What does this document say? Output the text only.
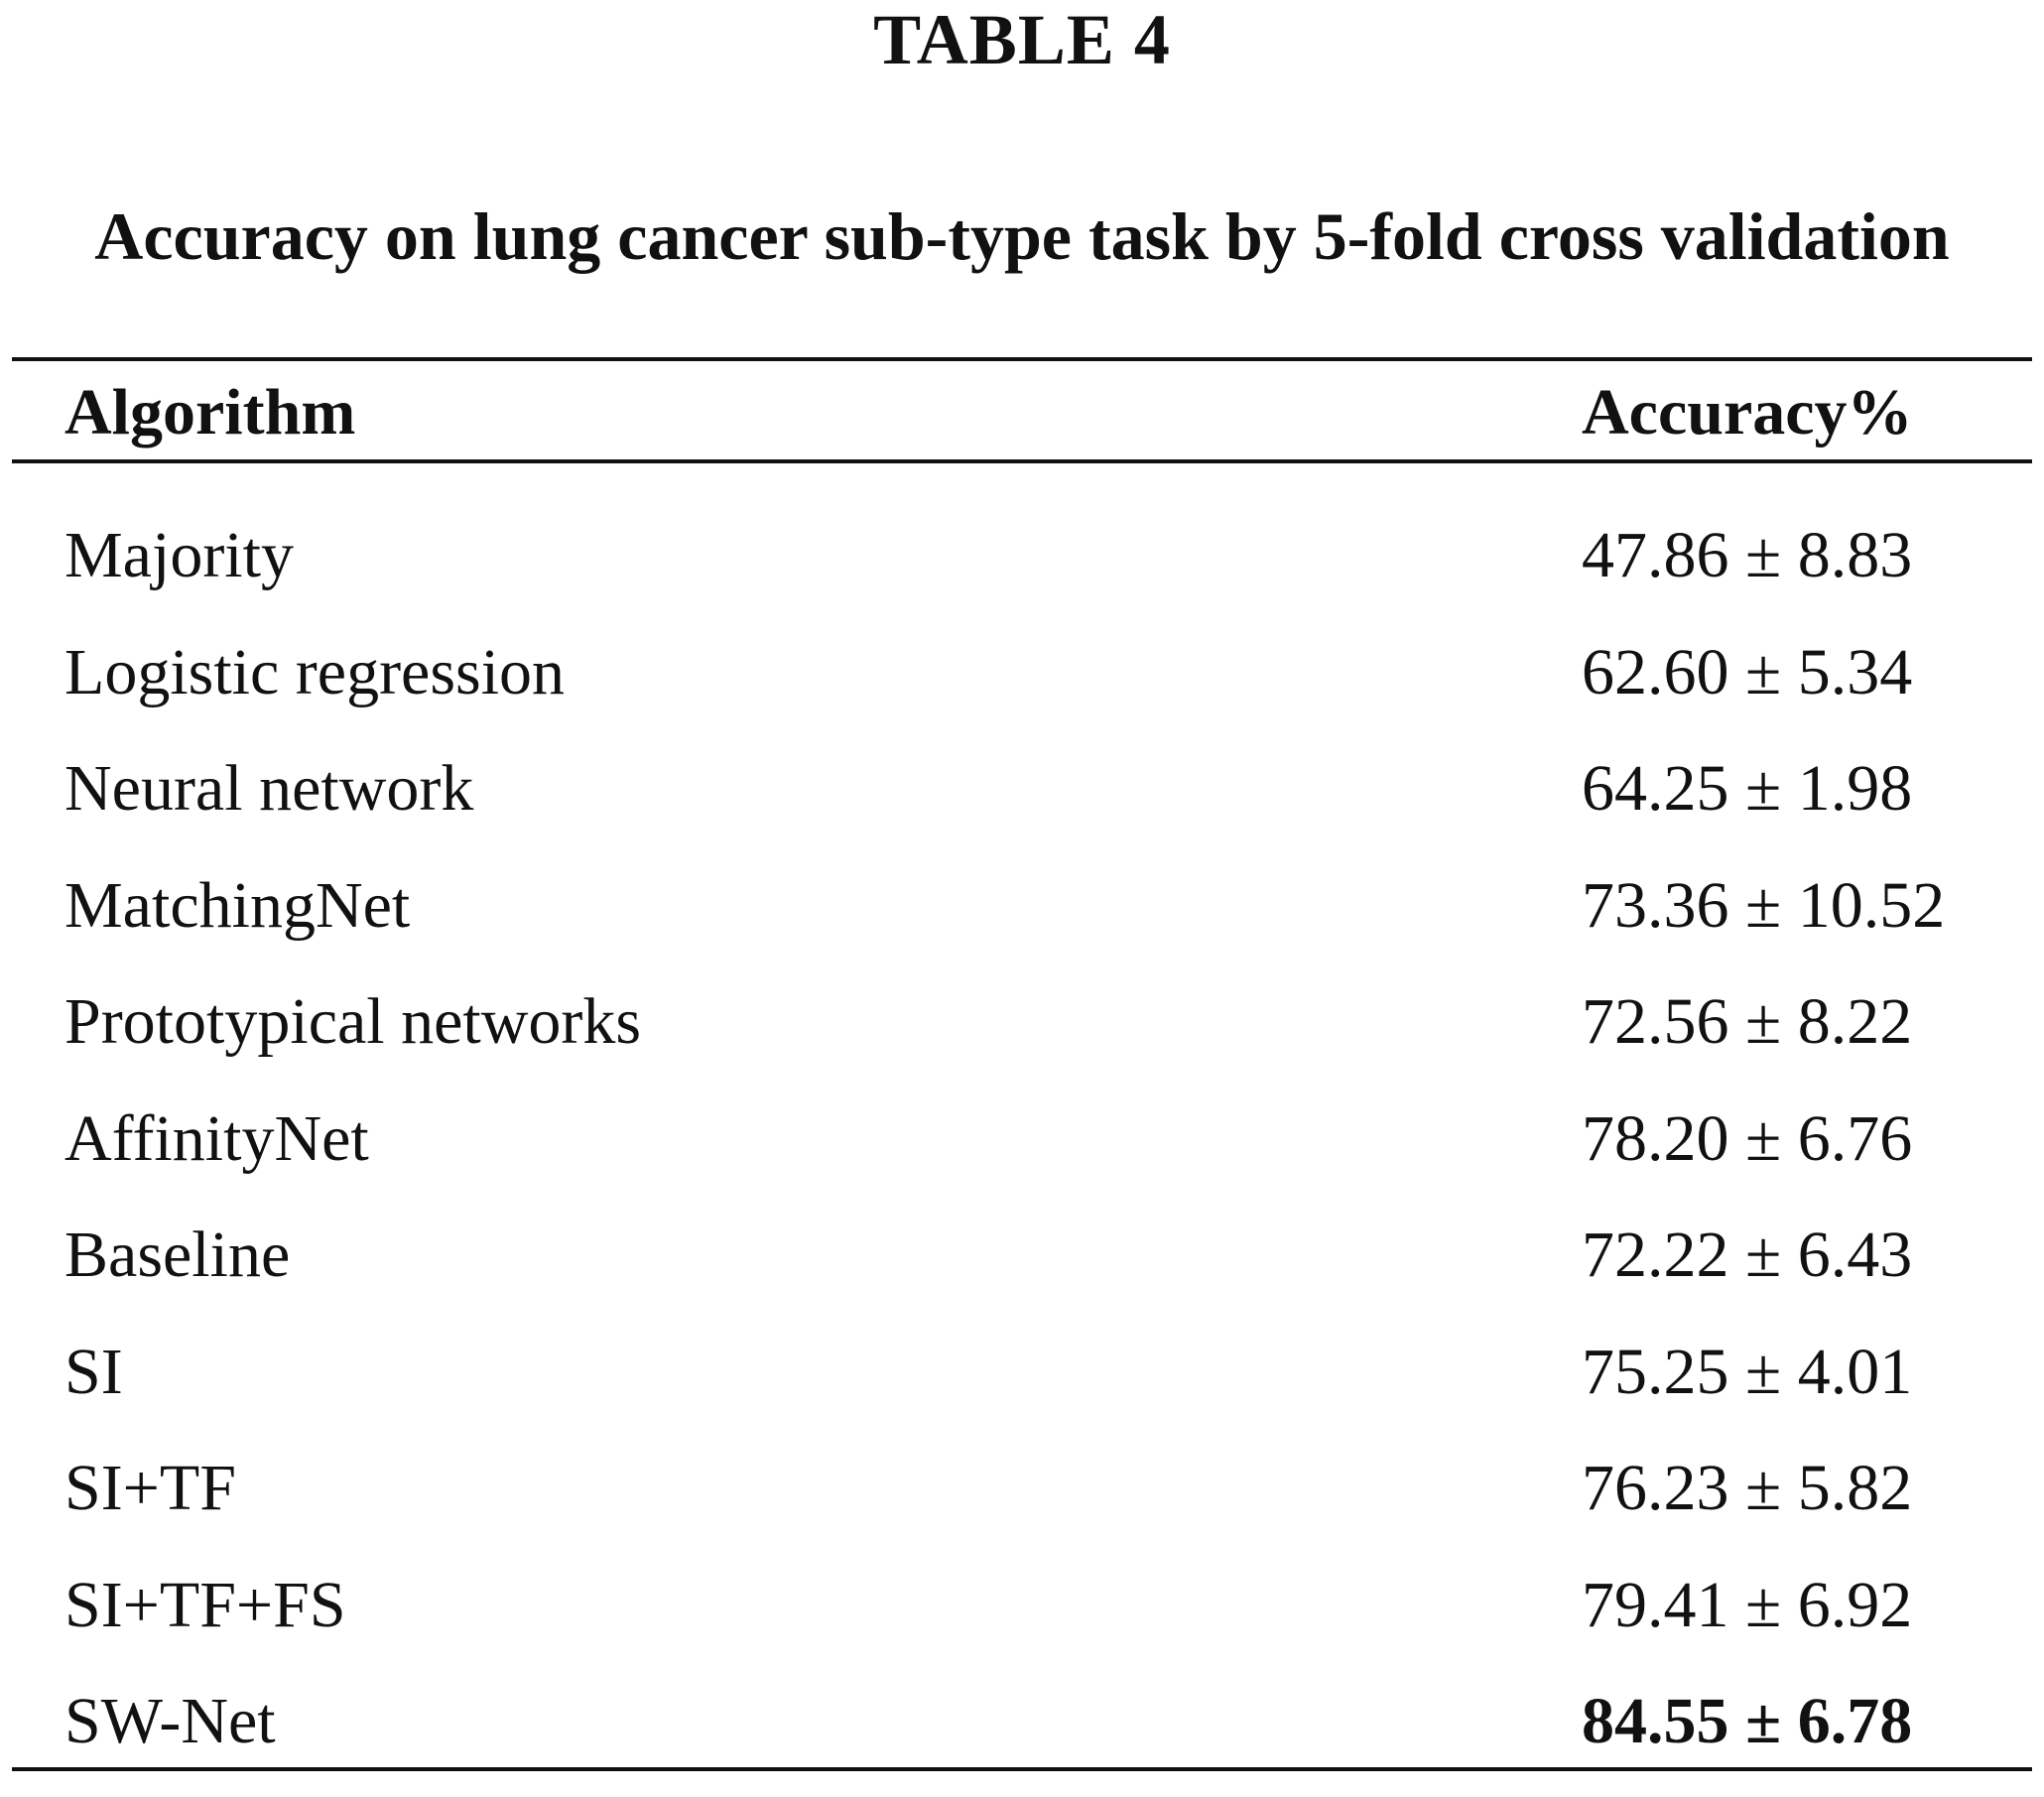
TABLE 4
Accuracy on lung cancer sub-type task by 5-fold cross validation
Algorithm	Accuracy%
Majority	47.86 ± 8.83
Logistic regression	62.60 ± 5.34
Neural network	64.25 ± 1.98
MatchingNet	73.36 ± 10.52
Prototypical networks	72.56 ± 8.22
AffinityNet	78.20 ± 6.76
Baseline	72.22 ± 6.43
SI	75.25 ± 4.01
SI+TF	76.23 ± 5.82
SI+TF+FS	79.41 ± 6.92
SW-Net	84.55 ± 6.78
